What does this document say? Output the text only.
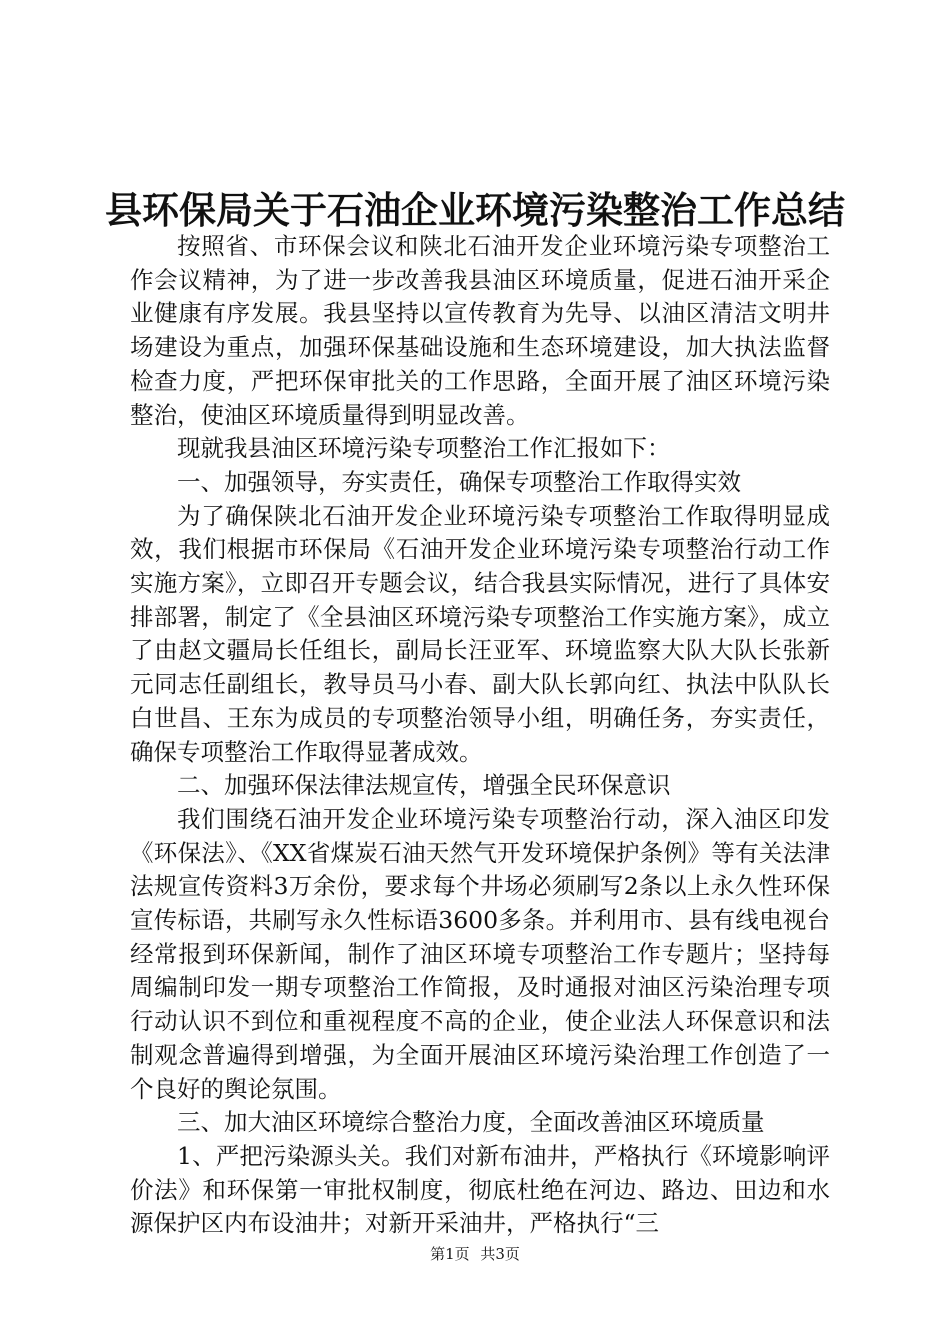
县环保局关于石油企业环境污染整治工作总结

按照省、市环保会议和陕北石油开发企业环境污染专项整治工作会议精神，为了进一步改善我县油区环境质量，促进石油开采企业健康有序发展。我县坚持以宣传教育为先导、以油区清洁文明井场建设为重点，加强环保基础设施和生态环境建设，加大执法监督检查力度，严把环保审批关的工作思路，全面开展了油区环境污染整治，使油区环境质量得到明显改善。

现就我县油区环境污染专项整治工作汇报如下：

一、加强领导，夯实责任，确保专项整治工作取得实效

为了确保陕北石油开发企业环境污染专项整治工作取得明显成效，我们根据市环保局《石油开发企业环境污染专项整治行动工作实施方案》，立即召开专题会议，结合我县实际情况，进行了具体安排部署，制定了《全县油区环境污染专项整治工作实施方案》，成立了由赵文疆局长任组长，副局长汪亚军、环境监察大队大队长张新元同志任副组长，教导员马小春、副大队长郭向红、执法中队队长白世昌、王东为成员的专项整治领导小组，明确任务，夯实责任，确保专项整治工作取得显著成效。

二、加强环保法律法规宣传，增强全民环保意识

我们围绕石油开发企业环境污染专项整治行动，深入油区印发《环保法》、《XX省煤炭石油天然气开发环境保护条例》等有关法津法规宣传资料3万余份，要求每个井场必须刷写2条以上永久性环保宣传标语，共刷写永久性标语3600多条。并利用市、县有线电视台经常报到环保新闻，制作了油区环境专项整治工作专题片；坚持每周编制印发一期专项整治工作简报，及时通报对油区污染治理专项行动认识不到位和重视程度不高的企业，使企业法人环保意识和法制观念普遍得到增强，为全面开展油区环境污染治理工作创造了一个良好的舆论氛围。

三、加大油区环境综合整治力度，全面改善油区环境质量

1、严把污染源头关。我们对新布油井，严格执行《环境影响评价法》和环保第一审批权制度，彻底杜绝在河边、路边、田边和水源保护区内布设油井；对新开采油井，严格执行“三

第1页 共3页
